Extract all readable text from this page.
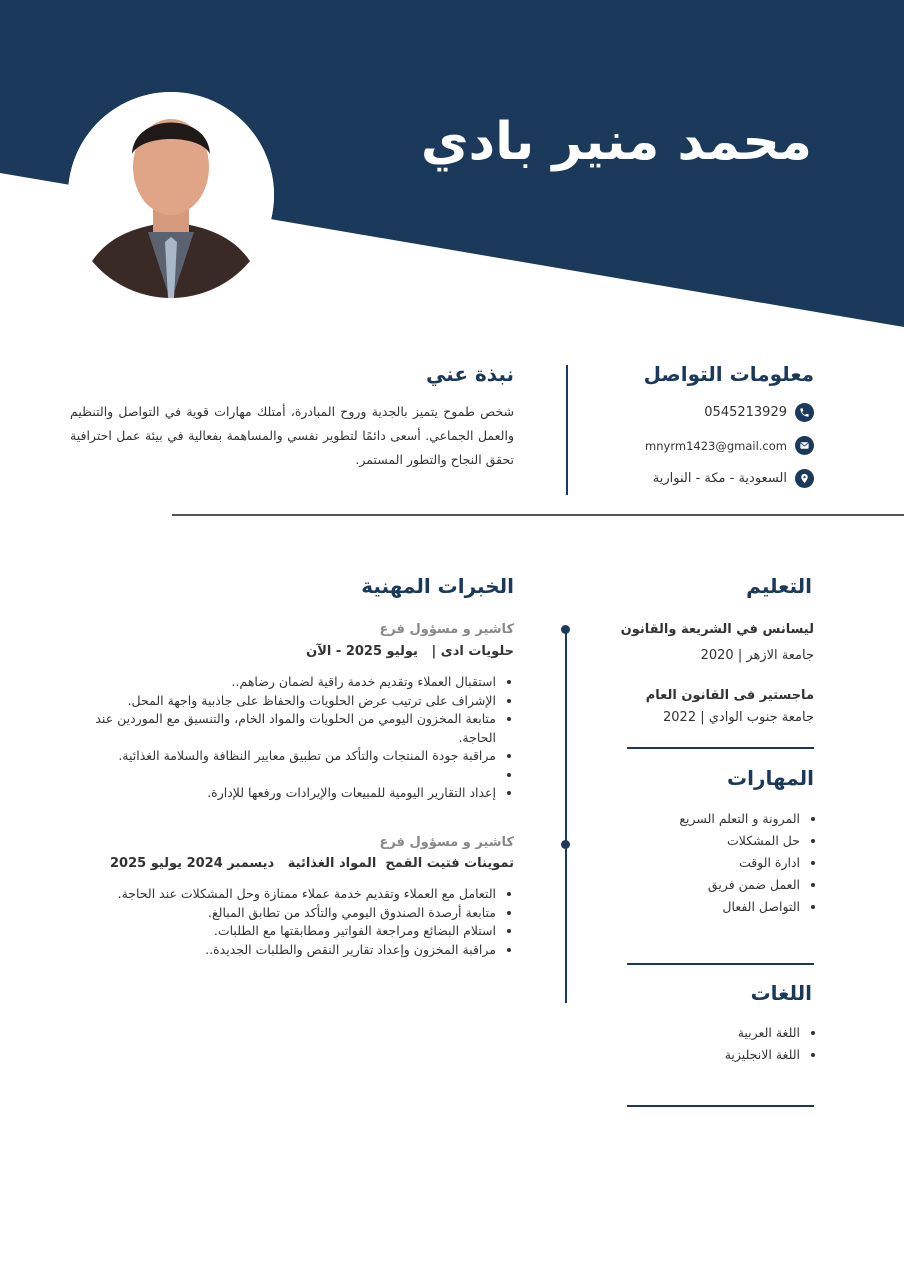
محمد منير بادي
معلومات التواصل
0545213929
mnyrm1423@gmail.com
السعودية - مكة - النوارية
نبذة عني
شخص طموح يتميز بالجدية وروح المبادرة، أمتلك مهارات قوية في التواصل والتنظيم والعمل الجماعي. أسعى دائمًا لتطوير نفسي والمساهمة بفعالية في بيئة عمل احترافية تحقق النجاح والتطور المستمر.
التعليم
ليسانس في الشريعة والقانون
جامعة الازهر | 2020
ماجستير فى القانون العام
جامعة جنوب الوادي | 2022
المهارات
• المرونة و التعلم السريع
• حل المشكلات
• ادارة الوقت
• العمل ضمن فريق
• التواصل الفعال
اللغات
• اللغة العربية
• اللغة الانجليزية
الخبرات المهنية
كاشير و مسؤول فرع
حلويات ادى |   يوليو 2025 - الآن
• استقبال العملاء وتقديم خدمة راقية لضمان رضاهم..
• الإشراف على ترتيب عرض الحلويات والحفاظ على جاذبية واجهة المحل.
• متابعة المخزون اليومي من الحلويات والمواد الخام، والتنسيق مع الموردين عند الحاجة.
• مراقبة جودة المنتجات والتأكد من تطبيق معايير النظافة والسلامة الغذائية.
•
• إعداد التقارير اليومية للمبيعات والإيرادات ورفعها للإدارة.
كاشير و مسؤول فرع
تموينات فتيت القمح  المواد الغذائية   ديسمبر 2024 يوليو 2025
• التعامل مع العملاء وتقديم خدمة عملاء ممتازة وحل المشكلات عند الحاجة.
• متابعة أرصدة الصندوق اليومي والتأكد من تطابق المبالغ.
• استلام البضائع ومراجعة الفواتير ومطابقتها مع الطلبات.
• مراقبة المخزون وإعداد تقارير النقص والطلبات الجديدة..
